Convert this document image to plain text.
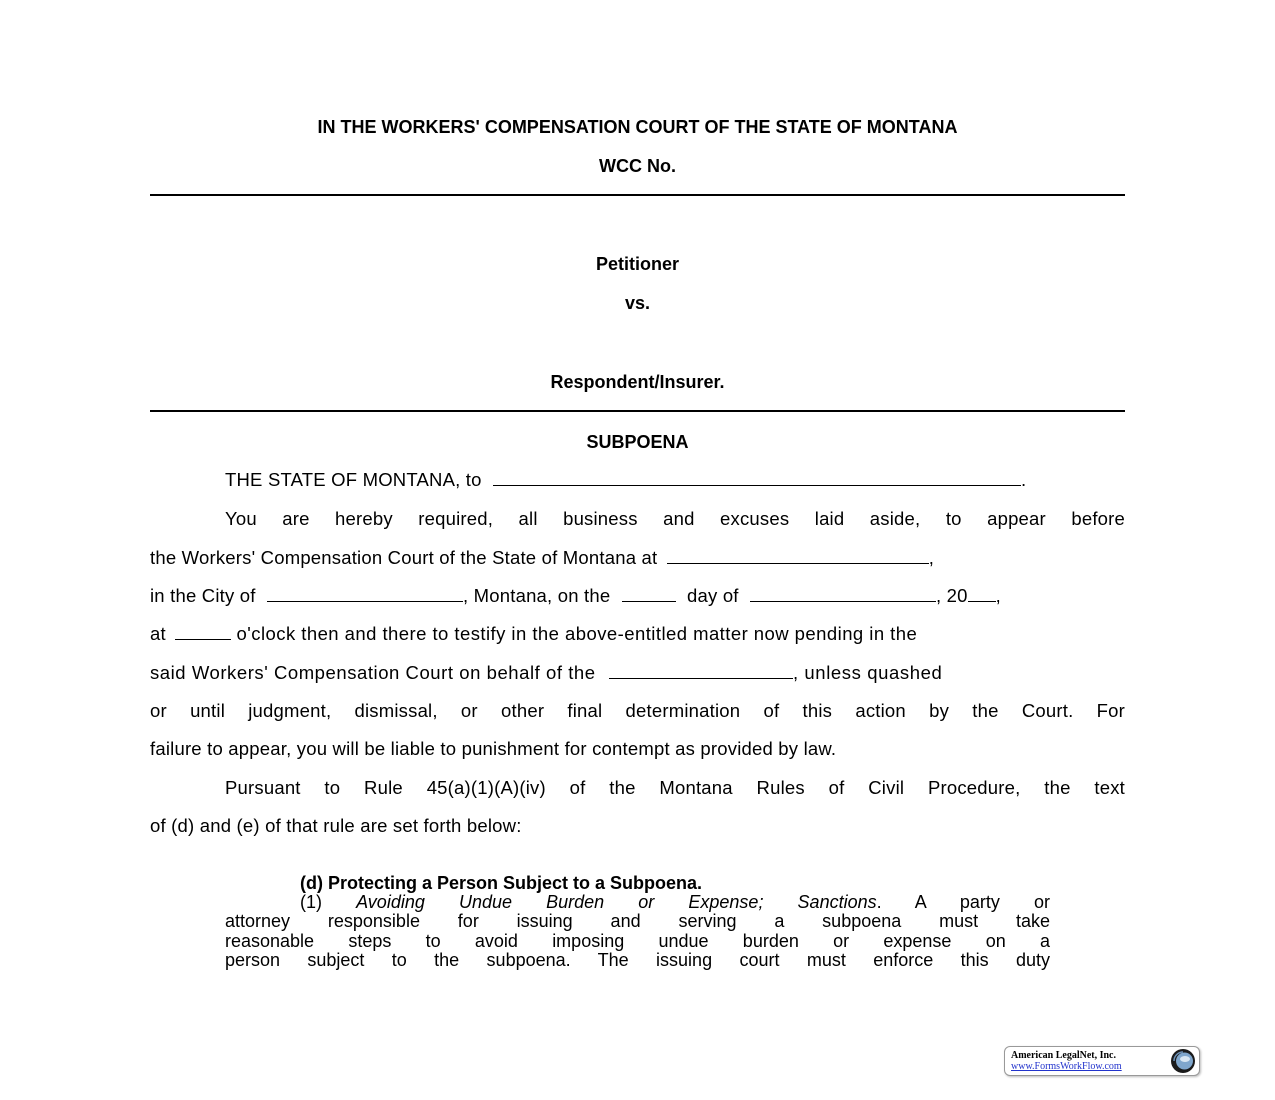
IN THE WORKERS' COMPENSATION COURT OF THE STATE OF MONTANA
WCC No.
Petitioner
vs.
Respondent/Insurer.
SUBPOENA
THE STATE OF MONTANA, to	.
You are hereby required, all business and excuses laid aside, to appear before
the Workers' Compensation Court of the State of Montana at	,
in the City of	, Montana, on the	day of	, 20 ,
at	o'clock then and there to testify in the above-entitled matter now pending in the
said Workers' Compensation Court on behalf of the	, unless quashed
or until judgment, dismissal, or other final determination of this action by the Court. For
failure to appear, you will be liable to punishment for contempt as provided by law.
Pursuant to Rule 45(a)(1)(A)(iv) of the Montana Rules of Civil Procedure, the text
of (d) and (e) of that rule are set forth below:
(d) Protecting a Person Subject to a Subpoena.
(1) Avoiding Undue Burden or Expense; Sanctions. A party or
attorney responsible for issuing and serving a subpoena must take
reasonable steps to avoid imposing undue burden or expense on a
person subject to the subpoena. The issuing court must enforce this duty
American LegalNet, Inc.
www.FormsWorkFlow.com
